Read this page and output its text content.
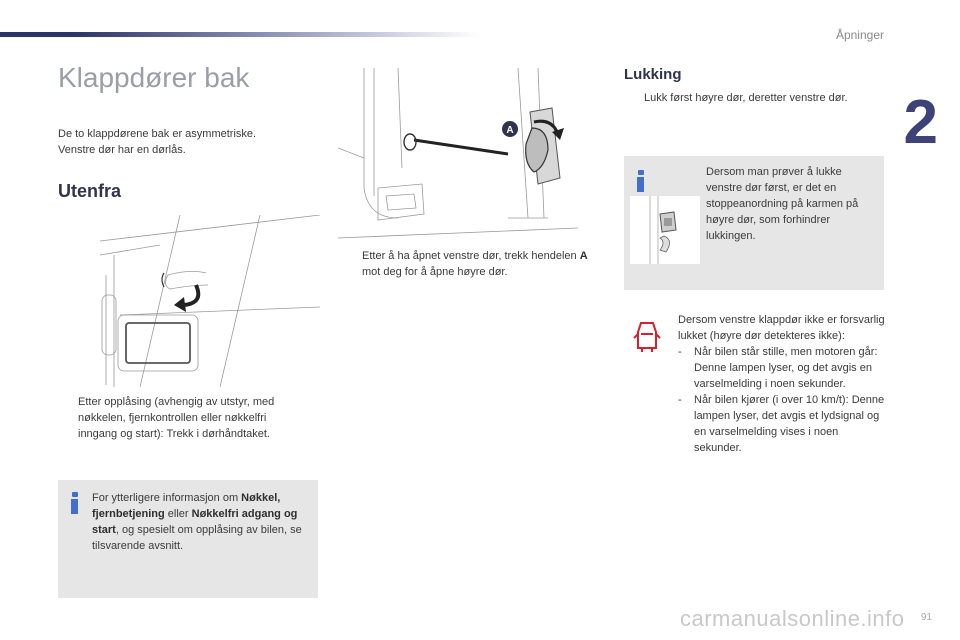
Åpninger
2
Klappdører bak
De to klappdørene bak er asymmetriske.
Venstre dør har en dørlås.
Utenfra
Etter opplåsing (avhengig av utstyr, med nøkkelen, fjernkontrollen eller nøkkelfri inngang og start): Trekk i dørhåndtaket.
For ytterligere informasjon om Nøkkel, fjernbetjening eller Nøkkelfri adgang og start, og spesielt om opplåsing av bilen, se tilsvarende avsnitt.
A
Etter å ha åpnet venstre dør, trekk hendelen A mot deg for å åpne høyre dør.
Lukking
Lukk først høyre dør, deretter venstre dør.
Dersom man prøver å lukke venstre dør først, er det en stoppeanordning på karmen på høyre dør, som forhindrer lukkingen.
Dersom venstre klappdør ikke er forsvarlig lukket (høyre dør detekteres ikke):
- Når bilen står stille, men motoren går: Denne lampen lyser, og det avgis en varselmelding i noen sekunder.
- Når bilen kjører (i over 10 km/t): Denne lampen lyser, det avgis et lydsignal og en varselmelding vises i noen sekunder.
91
carmanualsonline.info
